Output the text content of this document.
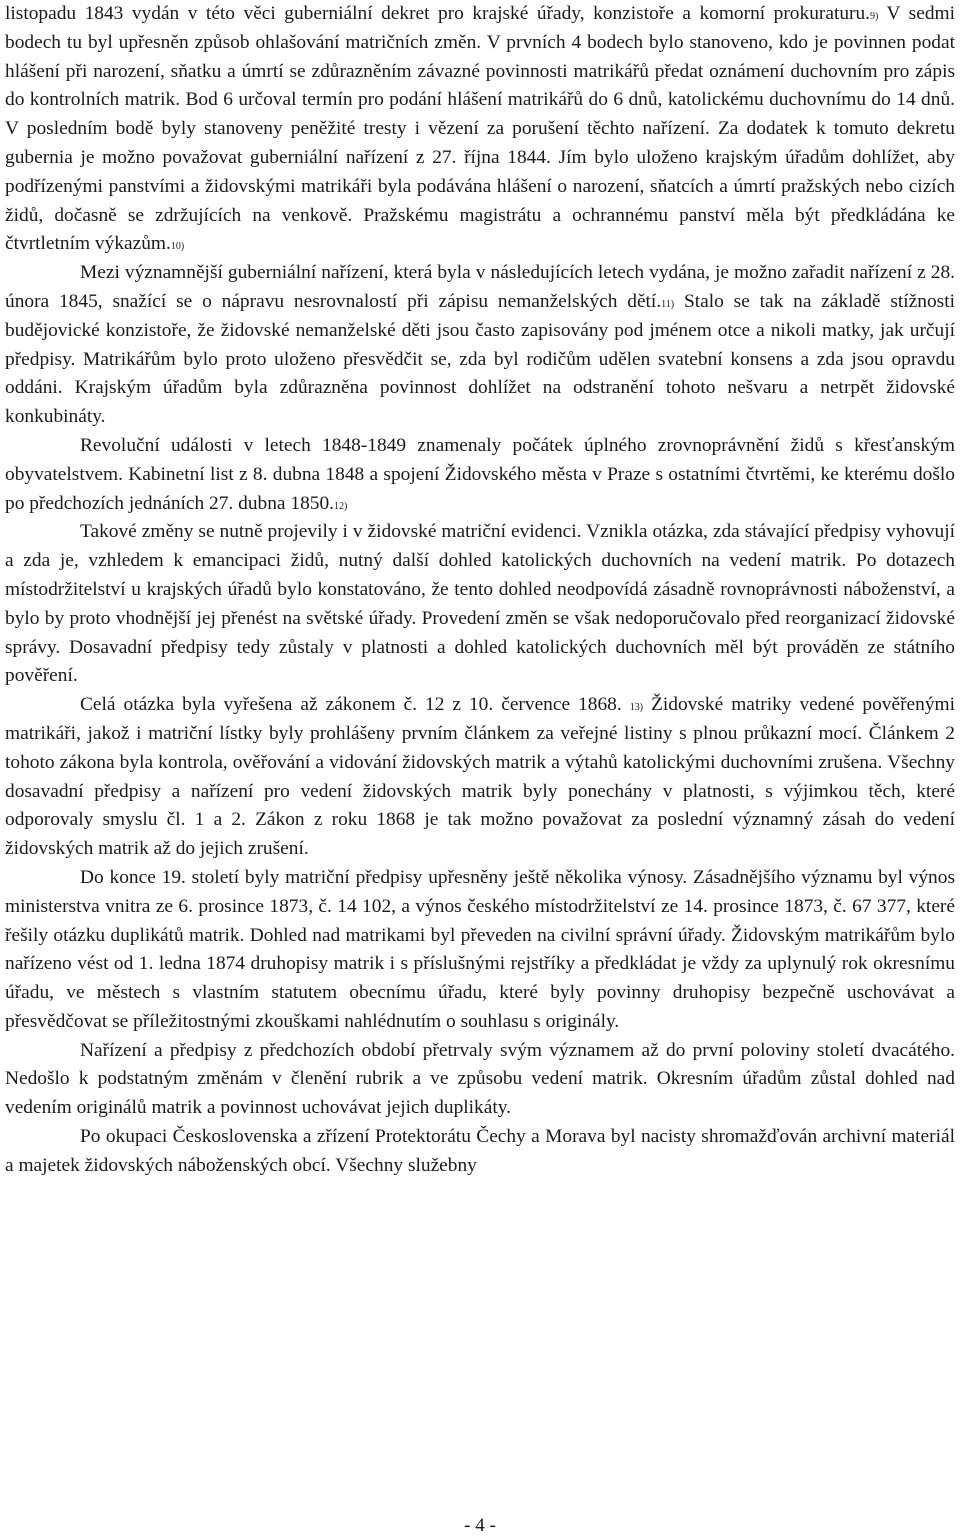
listopadu 1843 vydán v této věci guberniální dekret pro krajské úřady, konzistoře a komorní prokuraturu.9) V sedmi bodech tu byl upřesněn způsob ohlašování matričních změn. V prvních 4 bodech bylo stanoveno, kdo je povinnen podat hlášení při narození, sňatku a úmrtí se zdůrazněním závazné povinnosti matrikářů předat oznámení duchovním pro zápis do kontrolních matrik. Bod 6 určoval termín pro podání hlášení matrikářů do 6 dnů, katolickému duchovnímu do 14 dnů. V posledním bodě byly stanoveny peněžité tresty i vězení za porušení těchto nařízení. Za dodatek k tomuto dekretu gubernia je možno považovat guberniální nařízení z 27. října 1844. Jím bylo uloženo krajským úřadům dohlížet, aby podřízenými panstvími a židovskými matrikáři byla podávána hlášení o narození, sňatcích a úmrtí pražských nebo cizích židů, dočasně se zdržujících na venkově. Pražskému magistrátu a ochrannému panství měla být předkládána ke čtvrtletním výkazům.10)

Mezi významnější guberniální nařízení, která byla v následujících letech vydána, je možno zařadit nařízení z 28. února 1845, snažící se o nápravu nesrovnalostí při zápisu nemanželských dětí.11) Stalo se tak na základě stížnosti budějovické konzistoře, že židovské nemanželské děti jsou často zapisovány pod jménem otce a nikoli matky, jak určují předpisy. Matrikářům bylo proto uloženo přesvědčit se, zda byl rodičům udělen svatební konsens a zda jsou opravdu oddáni. Krajským úřadům byla zdůrazněna povinnost dohlížet na odstranění tohoto nešvaru a netrpět židovské konkubináty.

Revoluční události v letech 1848-1849 znamenaly počátek úplného zrovnoprávnění židů s křesťanským obyvatelstvem. Kabinetní list z 8. dubna 1848 a spojení Židovského města v Praze s ostatními čtvrtěmi, ke kterému došlo po předchozích jednáních 27. dubna 1850.12)

Takové změny se nutně projevily i v židovské matriční evidenci. Vznikla otázka, zda stávající předpisy vyhovují a zda je, vzhledem k emancipaci židů, nutný další dohled katolických duchovních na vedení matrik. Po dotazech místodržitelství u krajských úřadů bylo konstatováno, že tento dohled neodpovídá zásadně rovnoprávnosti náboženství, a bylo by proto vhodnější jej přenést na světské úřady. Provedení změn se však nedoporučovalo před reorganizací židovské správy. Dosavadní předpisy tedy zůstaly v platnosti a dohled katolických duchovních měl být prováděn ze státního pověření.

Celá otázka byla vyřešena až zákonem č. 12 z 10. července 1868. 13) Židovské matriky vedené pověřenými matrikáři, jakož i matriční lístky byly prohlášeny prvním článkem za veřejné listiny s plnou průkazní mocí. Článkem 2 tohoto zákona byla kontrola, ověřování a vidování židovských matrik a výtahů katolickými duchovními zrušena. Všechny dosavadní předpisy a nařízení pro vedení židovských matrik byly ponechány v platnosti, s výjimkou těch, které odporovaly smyslu čl. 1 a 2. Zákon z roku 1868 je tak možno považovat za poslední významný zásah do vedení židovských matrik až do jejich zrušení.

Do konce 19. století byly matriční předpisy upřesněny ještě několika výnosy. Zásadnějšího významu byl výnos ministerstva vnitra ze 6. prosince 1873, č. 14 102, a výnos českého místodržitelství ze 14. prosince 1873, č. 67 377, které řešily otázku duplikátů matrik. Dohled nad matrikami byl převeden na civilní správní úřady. Židovským matrikářům bylo nařízeno vést od 1. ledna 1874 druhopisy matrik i s příslušnými rejstříky a předkládat je vždy za uplynulý rok okresnímu úřadu, ve městech s vlastním statutem obecnímu úřadu, které byly povinny druhopisy bezpečně uschovávat a přesvědčovat se příležitostnými zkouškami nahlédnutím o souhlasu s originály.

Nařízení a předpisy z předchozích období přetrvaly svým významem až do první poloviny století dvacátého. Nedošlo k podstatným změnám v členění rubrik a ve způsobu vedení matrik. Okresním úřadům zůstal dohled nad vedením originálů matrik a povinnost uchovávat jejich duplikáty.

Po okupaci Československa a zřízení Protektorátu Čechy a Morava byl nacisty shromažďován archivní materiál a majetek židovských náboženských obcí. Všechny služebny

- 4 -
